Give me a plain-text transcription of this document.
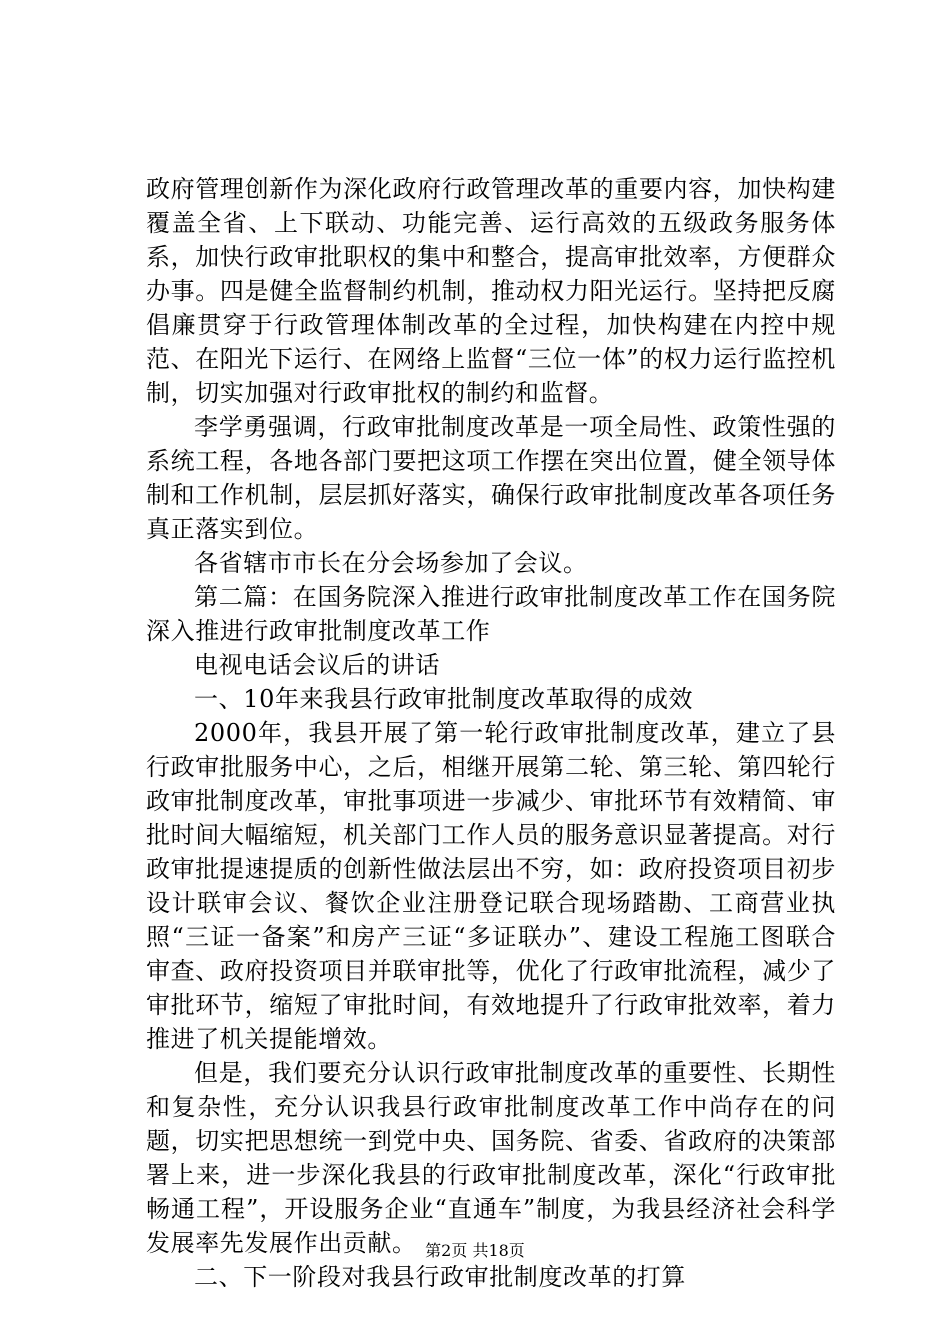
政府管理创新作为深化政府行政管理改革的重要内容，加快构建覆盖全省、上下联动、功能完善、运行高效的五级政务服务体系，加快行政审批职权的集中和整合，提高审批效率，方便群众办事。四是健全监督制约机制，推动权力阳光运行。坚持把反腐倡廉贯穿于行政管理体制改革的全过程，加快构建在内控中规范、在阳光下运行、在网络上监督“三位一体”的权力运行监控机制，切实加强对行政审批权的制约和监督。

李学勇强调，行政审批制度改革是一项全局性、政策性强的系统工程，各地各部门要把这项工作摆在突出位置，健全领导体制和工作机制，层层抓好落实，确保行政审批制度改革各项任务真正落实到位。

各省辖市市长在分会场参加了会议。

第二篇：在国务院深入推进行政审批制度改革工作在国务院深入推进行政审批制度改革工作

电视电话会议后的讲话

一、10年来我县行政审批制度改革取得的成效

2000年，我县开展了第一轮行政审批制度改革，建立了县行政审批服务中心，之后，相继开展第二轮、第三轮、第四轮行政审批制度改革，审批事项进一步减少、审批环节有效精简、审批时间大幅缩短，机关部门工作人员的服务意识显著提高。对行政审批提速提质的创新性做法层出不穷，如：政府投资项目初步设计联审会议、餐饮企业注册登记联合现场踏勘、工商营业执照“三证一备案”和房产三证“多证联办”、建设工程施工图联合审查、政府投资项目并联审批等，优化了行政审批流程，减少了审批环节，缩短了审批时间，有效地提升了行政审批效率，着力推进了机关提能增效。

但是，我们要充分认识行政审批制度改革的重要性、长期性和复杂性，充分认识我县行政审批制度改革工作中尚存在的问题，切实把思想统一到党中央、国务院、省委、省政府的决策部署上来，进一步深化我县的行政审批制度改革，深化“行政审批畅通工程”，开设服务企业“直通车”制度，为我县经济社会科学发展率先发展作出贡献。

二、下一阶段对我县行政审批制度改革的打算

第2页 共18页
